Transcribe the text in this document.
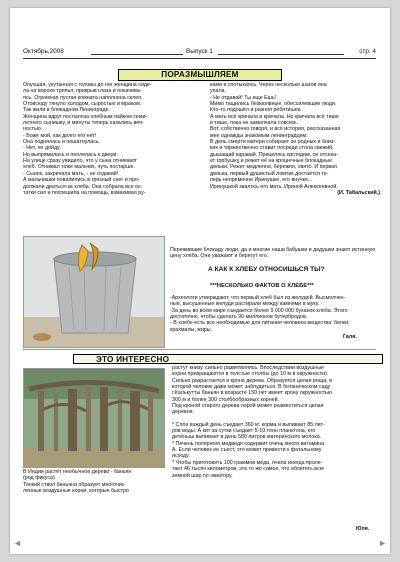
Октябрь,2008	Выпуск 1	стр. 4
ПОРАЗМЫШЛЯЕМ

Опухшая, укутанная с головы до ног женщина сиде-

ла на ворохе тряпья, прикрыв глаза и покачива-

ясь. Огромная пустая комната наполнена склеп.

Отовсюду тянуло холодом, сыростью и мраком.

Так жили в блокадном Ленинграде.

Женщина вдруг послалоза хлебным пайком семи-

летнего сынишку, и минуты теперь казались веч-

ностью.

- Боже мой, как долго его нет!

Она поднялась и пошатнулась.

- Нет, не дойду.

Но выпрямилась и поплелась к двери.

На улице сразу увидело, что у сына отнимают

хлеб. Отнимал тоже мальчик, чуть постарше.

- Сынок, закричала мать, - не отдавай!

А мальчишки повалились в грязный снег и про-

должали драться-за хлеба. Она собрала все ос-

татки сил и поспешила на помощь, взмахивая ру-

ками и спотыкаясь. Через несколько шагов она

упала.

- Не отдавай! Ты еще Ешь!

Мимо тащились безмолвные, обессилевшие люди.

Кто-то подошёл и разнял ребятишек.

А мать всё кричала и кричала. Но кричала всё тише

и тише, пока не замолчала совсем..

Вот, собственно говоря, и вся история, рассказанная

мне однажды знакомым ленинградцем.

В день смерти матери собирает он родных и близ-

ких и торжественно ставит посреди стола свежий,

дышащий каравай. Прицелясь взглядом, он отсека-

ет горбушку и режет её на крошечные блокадные

дольки. Режет медленно, бережно, свято. И первая

долька, первый душистый ломтик достаётся те-

перь непременно Иринушке, его внучке...

Иринушкой звалось его мать..Ириной Алексеевной.

(И. Табальский.)

Пережившие блокаду люди, да и многие наши бабушки и дедушки знают истинную цену хлеба. Они уважают и берегут его.

А КАК К ХЛЕБУ ОТНОСИШЬСЯ ТЫ?
***НЕСКОЛЬКО ФАКТОВ О ХЛЕБЕ***

-Археологи утверждают, что первый хлеб был из желудей. Высмолчен-

ные, высушенные желуди растирали между камнями в муку.

-За день во всём мире съедается более 9 000 000 буханок хлеба. Этого

достаточно, чтобы сделать 90 миллионов бутербродов.

- В хлебе есть все необходимые для питания человека вещества: белки,

крахмалы, жиры.

Галя.
ЭТО ИНТЕРЕСНО

В Индии растёт необычное дерево - баньян

(род фикуса)

Тонкий ствол баньяна образует многочис-

ленные воздушные корни, которые быстро

растут книзу, сильно разветвляясь. Впоследствии воздушные

корни превращаются в толстые столбы (до 10 м в окружности).

Сильно разрастается и крона дерева. Образуется целая роща, в

которой человек даже может заблудиться. В ботаническом саду

г.Калькутты баньян в возрасте 150 лет имеет крону окружностью

300 м и более 300 столбообразных корней.

Под кроной старого дерева порой может разместиться целая

деревня.

* Слон каждый день съедает 360 кг. корма и выпивает 85 лит-

ров воды. А кит за сутки съедает 5-10 тонн планктона, его

детёныш выпивает в день 580 литров материнского молока.

* Печень полярного медведя содержит очень много витамина

А. Если человек ее съест, это может привести к фатальному

исходу.

* Чтобы приготовить 100 граммов мёда, пчела иногда проле-

тает 46 тысяч километров, это то же самое, что облететь всю

земной шар по экватору.

Юля.
◄	►
